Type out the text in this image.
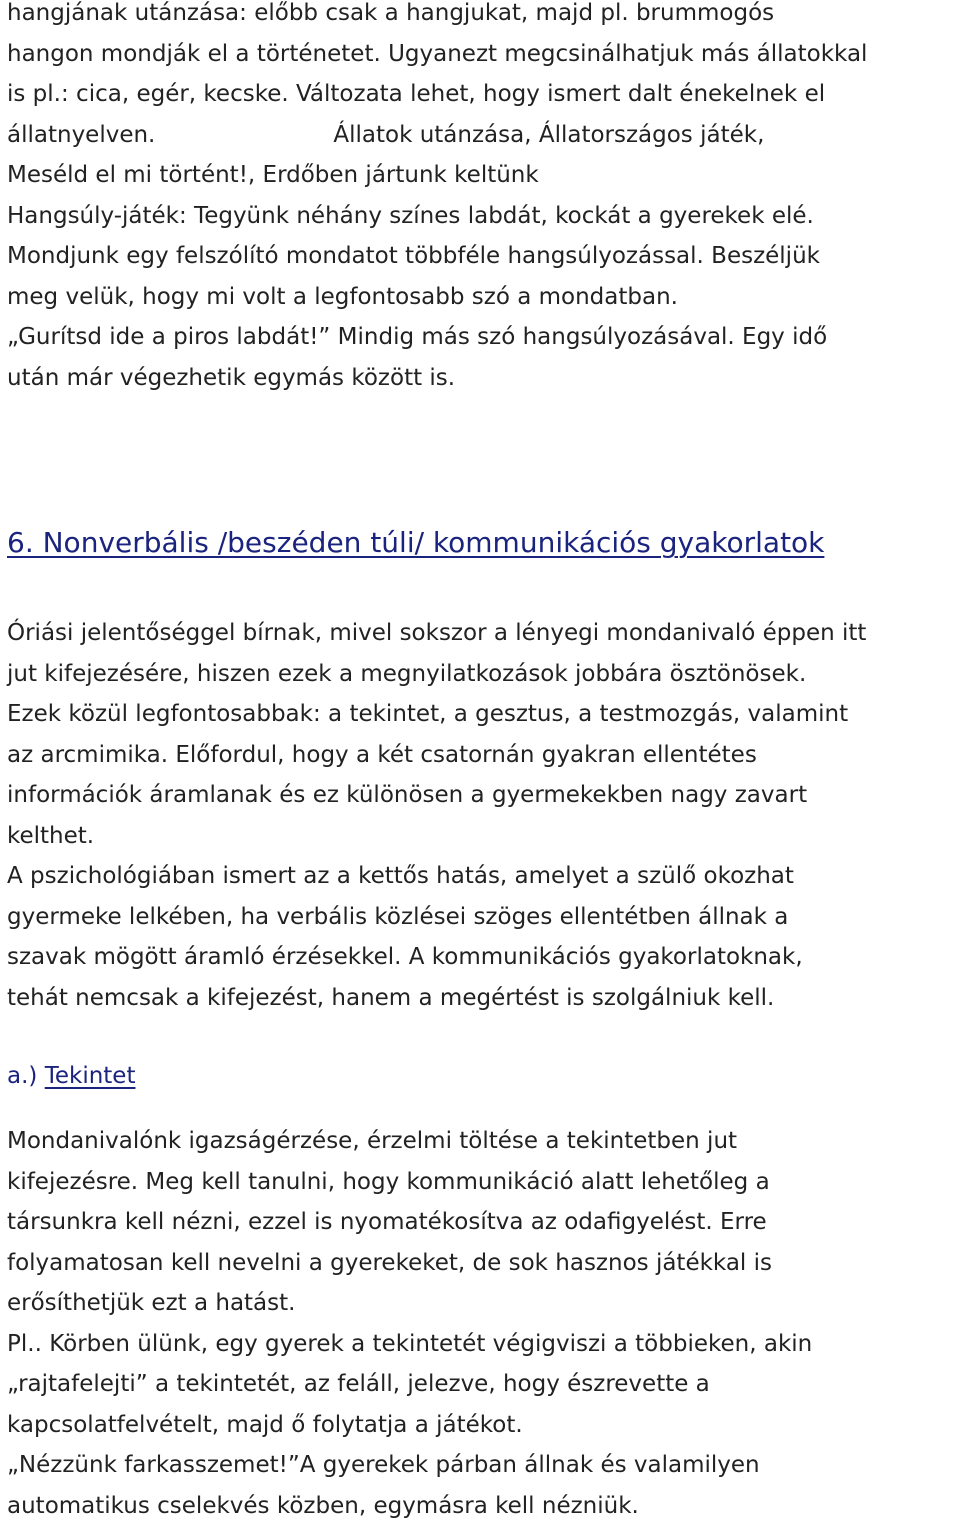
hangjának utánzása: előbb csak a hangjukat, majd pl. brummogós

hangon mondják el a történetet. Ugyanezt megcsinálhatjuk más állatokkal

is pl.: cica, egér, kecske. Változata lehet, hogy ismert dalt énekelnek el

állatnyelven.	Állatok utánzása, Állatországos játék,

Meséld el mi történt!, Erdőben jártunk keltünk

Hangsúly-játék: Tegyünk néhány színes labdát, kockát a gyerekek elé.

Mondjunk egy felszólító mondatot többféle hangsúlyozással. Beszéljük

meg velük, hogy mi volt a legfontosabb szó a mondatban.

„Gurítsd ide a piros labdát!” Mindig más szó hangsúlyozásával. Egy idő

után már végezhetik egymás között is.

6. Nonverbális /beszéden túli/ kommunikációs gyakorlatok

Óriási jelentőséggel bírnak, mivel sokszor a lényegi mondanivaló éppen itt

jut kifejezésére, hiszen ezek a megnyilatkozások jobbára ösztönösek.

Ezek közül legfontosabbak: a tekintet, a gesztus, a testmozgás, valamint

az arcmimika. Előfordul, hogy a két csatornán gyakran ellentétes

információk áramlanak és ez különösen a gyermekekben nagy zavart

kelthet.

A pszichológiában ismert az a kettős hatás, amelyet a szülő okozhat

gyermeke lelkében, ha verbális közlései szöges ellentétben állnak a

szavak mögött áramló érzésekkel. A kommunikációs gyakorlatoknak,

tehát nemcsak a kifejezést, hanem a megértést is szolgálniuk kell.

a.) Tekintet

Mondanivalónk igazságérzése, érzelmi töltése a tekintetben jut

kifejezésre. Meg kell tanulni, hogy kommunikáció alatt lehetőleg a

társunkra kell nézni, ezzel is nyomatékosítva az odafigyelést. Erre

folyamatosan kell nevelni a gyerekeket, de sok hasznos játékkal is

erősíthetjük ezt a hatást.

Pl.. Körben ülünk, egy gyerek a tekintetét végigviszi a többieken, akin

„rajtafelejti” a tekintetét, az feláll, jelezve, hogy észrevette a

kapcsolatfelvételt, majd ő folytatja a játékot.

„Nézzünk farkasszemet!”A gyerekek párban állnak és valamilyen

automatikus cselekvés közben, egymásra kell nézniük.
